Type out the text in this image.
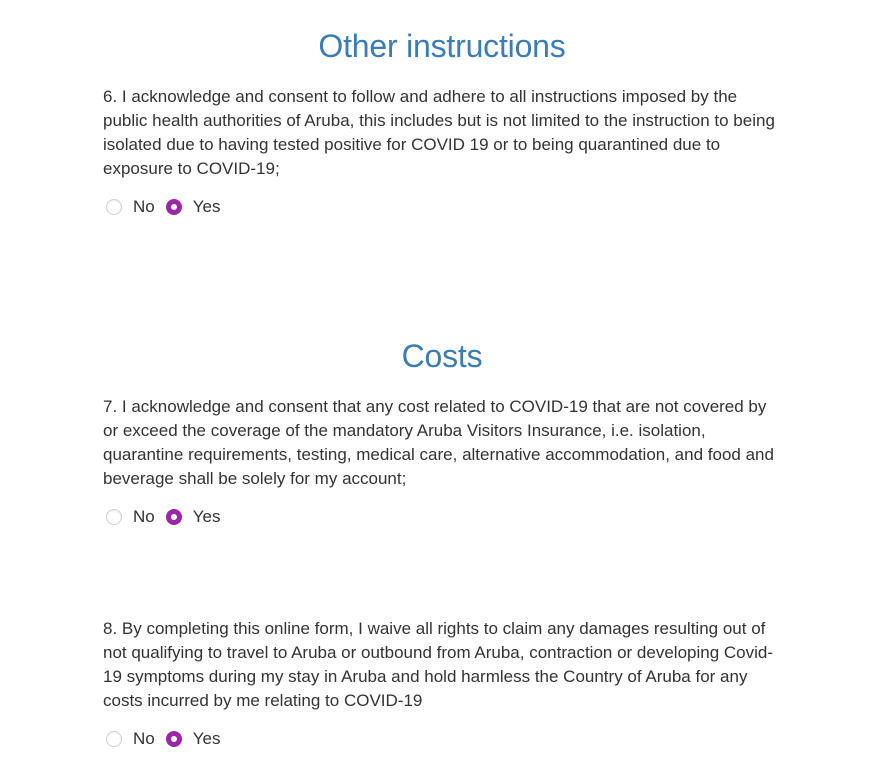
Other instructions

6. I acknowledge and consent to follow and adhere to all instructions imposed by the public health authorities of Aruba, this includes but is not limited to the instruction to being isolated due to having tested positive for COVID 19 or to being quarantined due to exposure to COVID-19;

No Yes
Costs

7. I acknowledge and consent that any cost related to COVID-19 that are not covered by or exceed the coverage of the mandatory Aruba Visitors Insurance, i.e. isolation, quarantine requirements, testing, medical care, alternative accommodation, and food and beverage shall be solely for my account;

No Yes

8. By completing this online form, I waive all rights to claim any damages resulting out of not qualifying to travel to Aruba or outbound from Aruba, contraction or developing Covid-19 symptoms during my stay in Aruba and hold harmless the Country of Aruba for any costs incurred by me relating to COVID-19

No Yes
